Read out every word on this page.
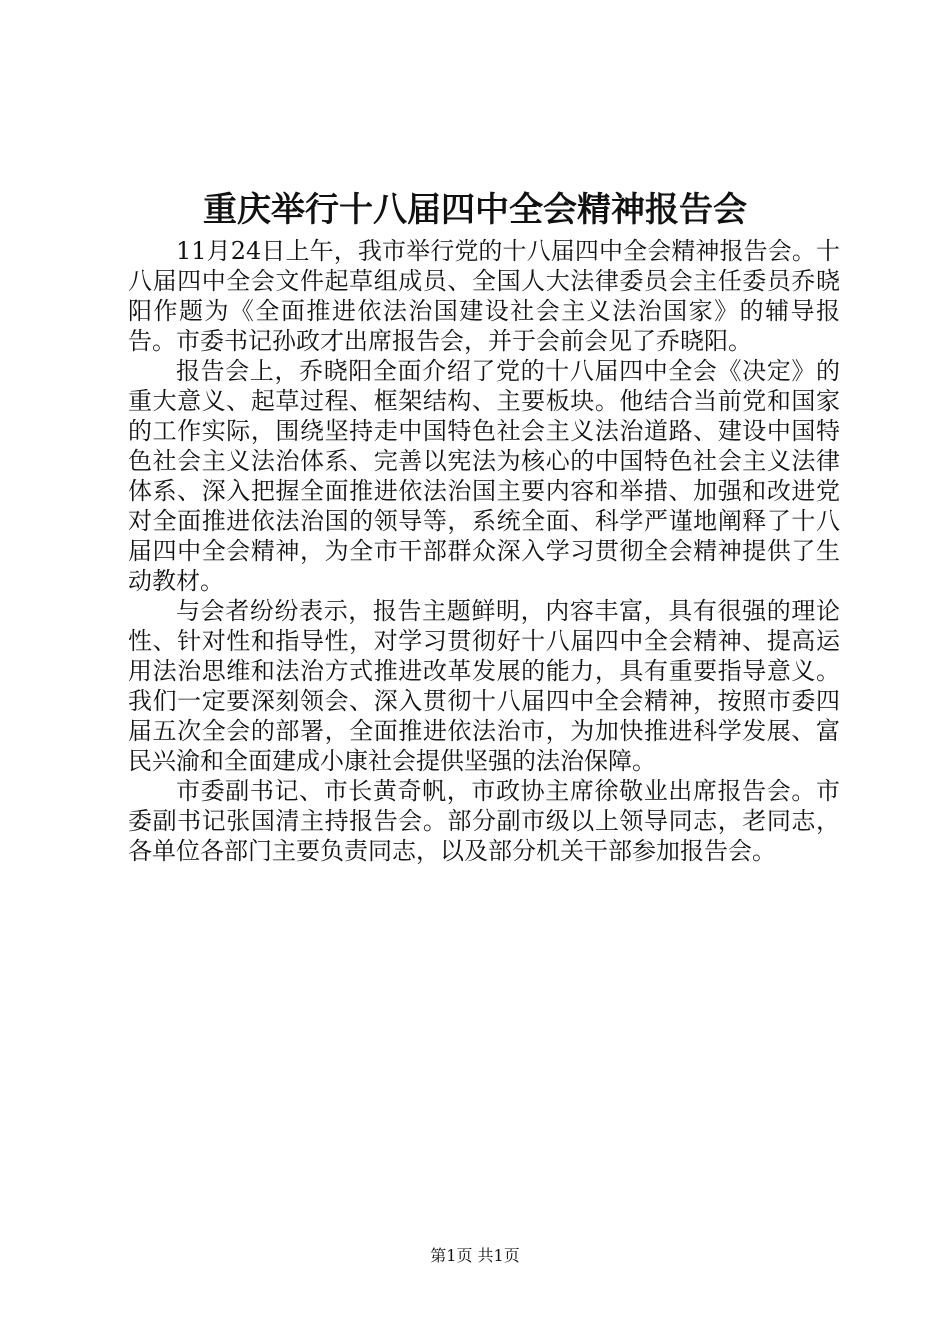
重庆举行十八届四中全会精神报告会

11月24日上午，我市举行党的十八届四中全会精神报告会。十八届四中全会文件起草组成员、全国人大法律委员会主任委员乔晓阳作题为《全面推进依法治国建设社会主义法治国家》的辅导报告。市委书记孙政才出席报告会，并于会前会见了乔晓阳。

报告会上，乔晓阳全面介绍了党的十八届四中全会《决定》的重大意义、起草过程、框架结构、主要板块。他结合当前党和国家的工作实际，围绕坚持走中国特色社会主义法治道路、建设中国特色社会主义法治体系、完善以宪法为核心的中国特色社会主义法律体系、深入把握全面推进依法治国主要内容和举措、加强和改进党对全面推进依法治国的领导等，系统全面、科学严谨地阐释了十八届四中全会精神，为全市干部群众深入学习贯彻全会精神提供了生动教材。

与会者纷纷表示，报告主题鲜明，内容丰富，具有很强的理论性、针对性和指导性，对学习贯彻好十八届四中全会精神、提高运用法治思维和法治方式推进改革发展的能力，具有重要指导意义。我们一定要深刻领会、深入贯彻十八届四中全会精神，按照市委四届五次全会的部署，全面推进依法治市，为加快推进科学发展、富民兴渝和全面建成小康社会提供坚强的法治保障。

市委副书记、市长黄奇帆，市政协主席徐敬业出席报告会。市委副书记张国清主持报告会。部分副市级以上领导同志，老同志，各单位各部门主要负责同志，以及部分机关干部参加报告会。

第1页 共1页
